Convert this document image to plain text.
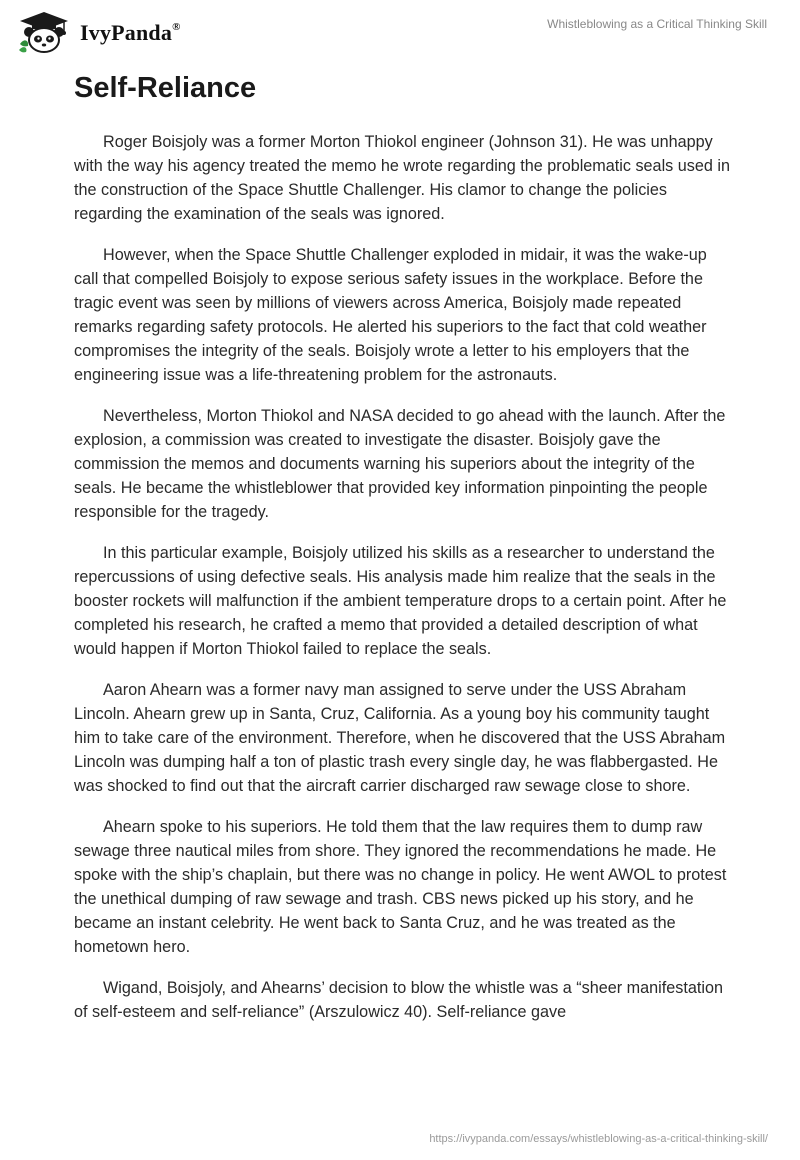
IvyPanda®	Whistleblowing as a Critical Thinking Skill
Self-Reliance

Roger Boisjoly was a former Morton Thiokol engineer (Johnson 31). He was unhappy with the way his agency treated the memo he wrote regarding the problematic seals used in the construction of the Space Shuttle Challenger. His clamor to change the policies regarding the examination of the seals was ignored.

However, when the Space Shuttle Challenger exploded in midair, it was the wake-up call that compelled Boisjoly to expose serious safety issues in the workplace. Before the tragic event was seen by millions of viewers across America, Boisjoly made repeated remarks regarding safety protocols. He alerted his superiors to the fact that cold weather compromises the integrity of the seals. Boisjoly wrote a letter to his employers that the engineering issue was a life-threatening problem for the astronauts.

Nevertheless, Morton Thiokol and NASA decided to go ahead with the launch. After the explosion, a commission was created to investigate the disaster. Boisjoly gave the commission the memos and documents warning his superiors about the integrity of the seals. He became the whistleblower that provided key information pinpointing the people responsible for the tragedy.

In this particular example, Boisjoly utilized his skills as a researcher to understand the repercussions of using defective seals. His analysis made him realize that the seals in the booster rockets will malfunction if the ambient temperature drops to a certain point. After he completed his research, he crafted a memo that provided a detailed description of what would happen if Morton Thiokol failed to replace the seals.

Aaron Ahearn was a former navy man assigned to serve under the USS Abraham Lincoln. Ahearn grew up in Santa, Cruz, California. As a young boy his community taught him to take care of the environment. Therefore, when he discovered that the USS Abraham Lincoln was dumping half a ton of plastic trash every single day, he was flabbergasted. He was shocked to find out that the aircraft carrier discharged raw sewage close to shore.

Ahearn spoke to his superiors. He told them that the law requires them to dump raw sewage three nautical miles from shore. They ignored the recommendations he made. He spoke with the ship’s chaplain, but there was no change in policy. He went AWOL to protest the unethical dumping of raw sewage and trash. CBS news picked up his story, and he became an instant celebrity. He went back to Santa Cruz, and he was treated as the hometown hero.

Wigand, Boisjoly, and Ahearns’ decision to blow the whistle was a “sheer manifestation of self-esteem and self-reliance” (Arszulowicz 40). Self-reliance gave

https://ivypanda.com/essays/whistleblowing-as-a-critical-thinking-skill/
